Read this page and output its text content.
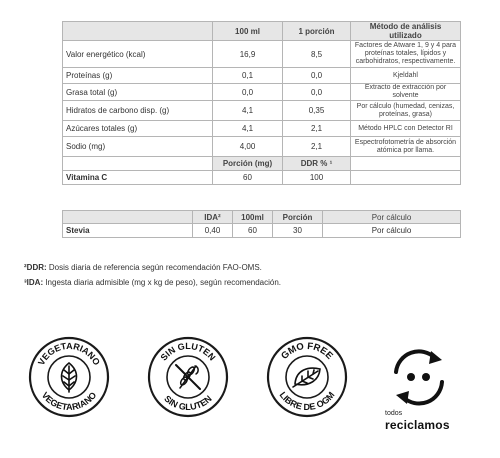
	100 ml	1 porción	Método de análisis utilizado
Valor energético (kcal)	16,9	8,5	Factores de Atware 1, 9 y 4 para proteínas totales, lípidos y carbohidratos, respectivamente.
Proteínas (g)	0,1	0,0	Kjeldahl
Grasa total (g)	0,0	0,0	Extracto de extracción por solvente
Hidratos de carbono disp. (g)	4,1	0,35	Por cálculo (humedad, cenizas, proteínas, grasa)
Azúcares totales (g)	4,1	2,1	Método HPLC con Detector RI
Sodio (mg)	4,00	2,1	Espectrofotometría de absorción atómica por llama.
	Porción (mg)	DDR % ¹	
Vitamina C	60	100	
	IDA²	100ml	Porción	Por cálculo
Stevia	0,40	60	30	Por cálculo
²DDR: Dosis diaria de referencia según recomendación FAO-OMS.
³IDA: Ingesta diaria admisible (mg x kg de peso), según recomendación.
VEGETARIANO
VEGETARIANO
SIN GLUTEN
SIN GLUTEN
GMO FREE
LIBRE DE OGM
todos
reciclamos
